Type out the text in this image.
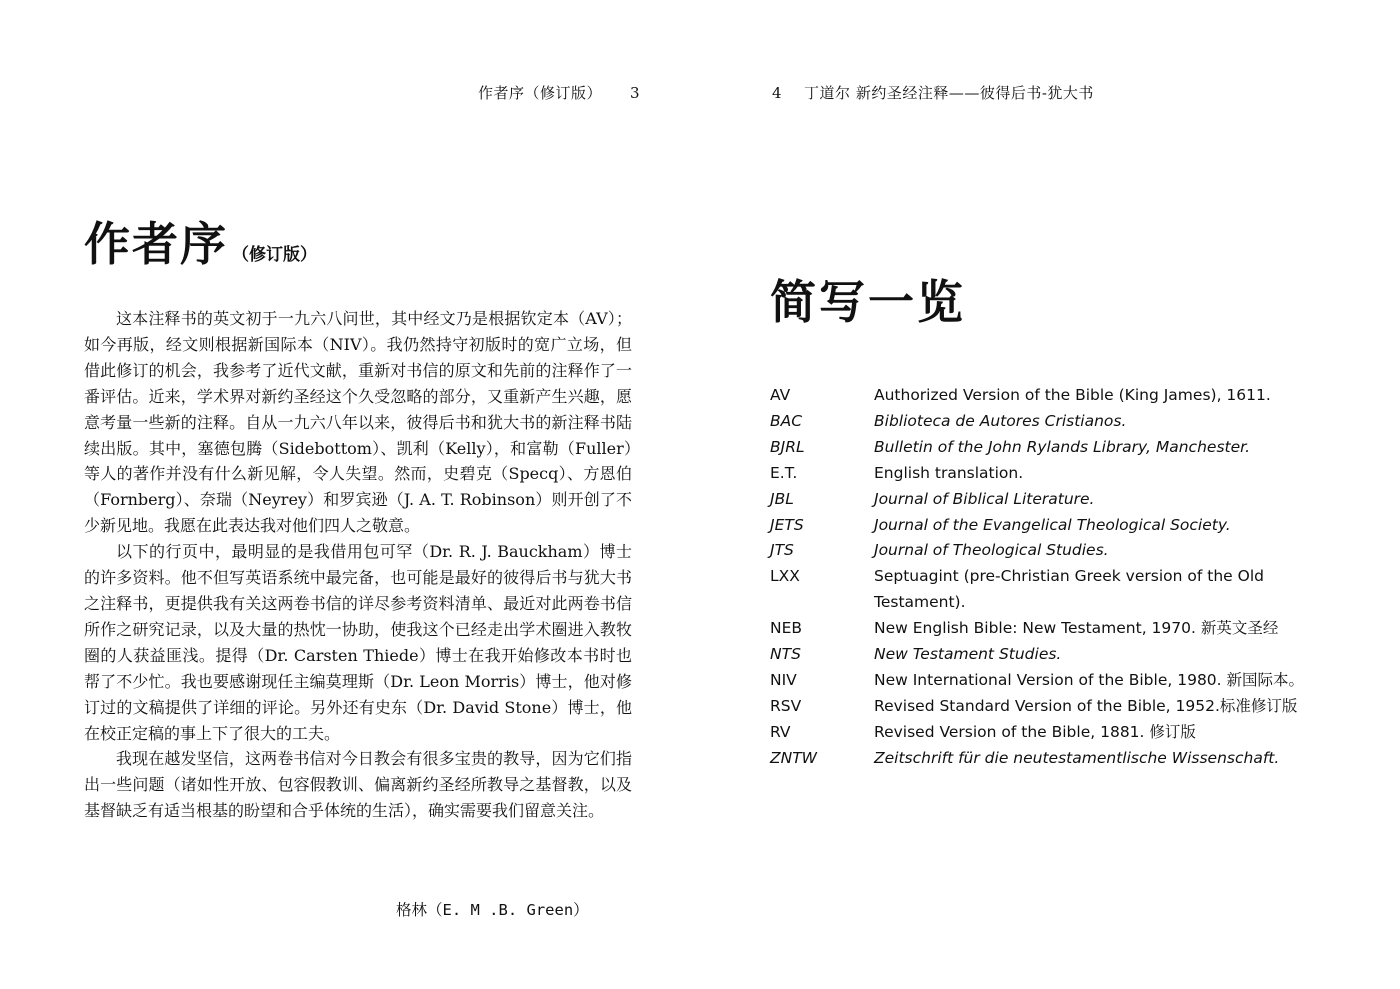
作者序（修订版） 3
作者序 （修订版）

这本注释书的英文初于一九六八问世，其中经文乃是根据钦定本（AV）；如今再版，经文则根据新国际本（NIV）。我仍然持守初版时的宽广立场，但借此修订的机会，我参考了近代文献，重新对书信的原文和先前的注释作了一番评估。近来，学术界对新约圣经这个久受忽略的部分，又重新产生兴趣，愿意考量一些新的注释。自从一九六八年以来，彼得后书和犹大书的新注释书陆续出版。其中，塞德包腾（Sidebottom）、凯利（Kelly），和富勒（Fuller）等人的著作并没有什么新见解，令人失望。然而，史碧克（Specq）、方恩伯（Fornberg）、奈瑞（Neyrey）和罗宾逊（J. A. T. Robinson）则开创了不少新见地。我愿在此表达我对他们四人之敬意。

以下的行页中，最明显的是我借用包可罕（Dr. R. J. Bauckham）博士的许多资料。他不但写英语系统中最完备，也可能是最好的彼得后书与犹大书之注释书，更提供我有关这两卷书信的详尽参考资料清单、最近对此两卷书信所作之研究记录，以及大量的热忱一协助，使我这个已经走出学术圈进入教牧圈的人获益匪浅。提得（Dr. Carsten Thiede）博士在我开始修改本书时也帮了不少忙。我也要感谢现任主编莫理斯（Dr. Leon Morris）博士，他对修订过的文稿提供了详细的评论。另外还有史东（Dr. David Stone）博士，他在校正定稿的事上下了很大的工夫。

我现在越发坚信，这两卷书信对今日教会有很多宝贵的教导，因为它们指出一些问题（诸如性开放、包容假教训、偏离新约圣经所教导之基督教，以及基督缺乏有适当根基的盼望和合乎体统的生活），确实需要我们留意关注。

格林（E. M .B. Green）
4 丁道尔 新约圣经注释——彼得后书-犹大书
简写一览
AV	Authorized Version of the Bible (King James), 1611.
BAC	Biblioteca de Autores Cristianos.
BJRL	Bulletin of the John Rylands Library, Manchester.
E.T.	English translation.
JBL	Journal of Biblical Literature.
JETS	Journal of the Evangelical Theological Society.
JTS	Journal of Theological Studies.
LXX	Septuagint (pre-Christian Greek version of the Old Testament).
NEB	New English Bible: New Testament, 1970. 新英文圣经
NTS	New Testament Studies.
NIV	New International Version of the Bible, 1980. 新国际本。
RSV	Revised Standard Version of the Bible, 1952.标准修订版
RV	Revised Version of the Bible, 1881. 修订版
ZNTW	Zeitschrift für die neutestamentlische Wissenschaft.
